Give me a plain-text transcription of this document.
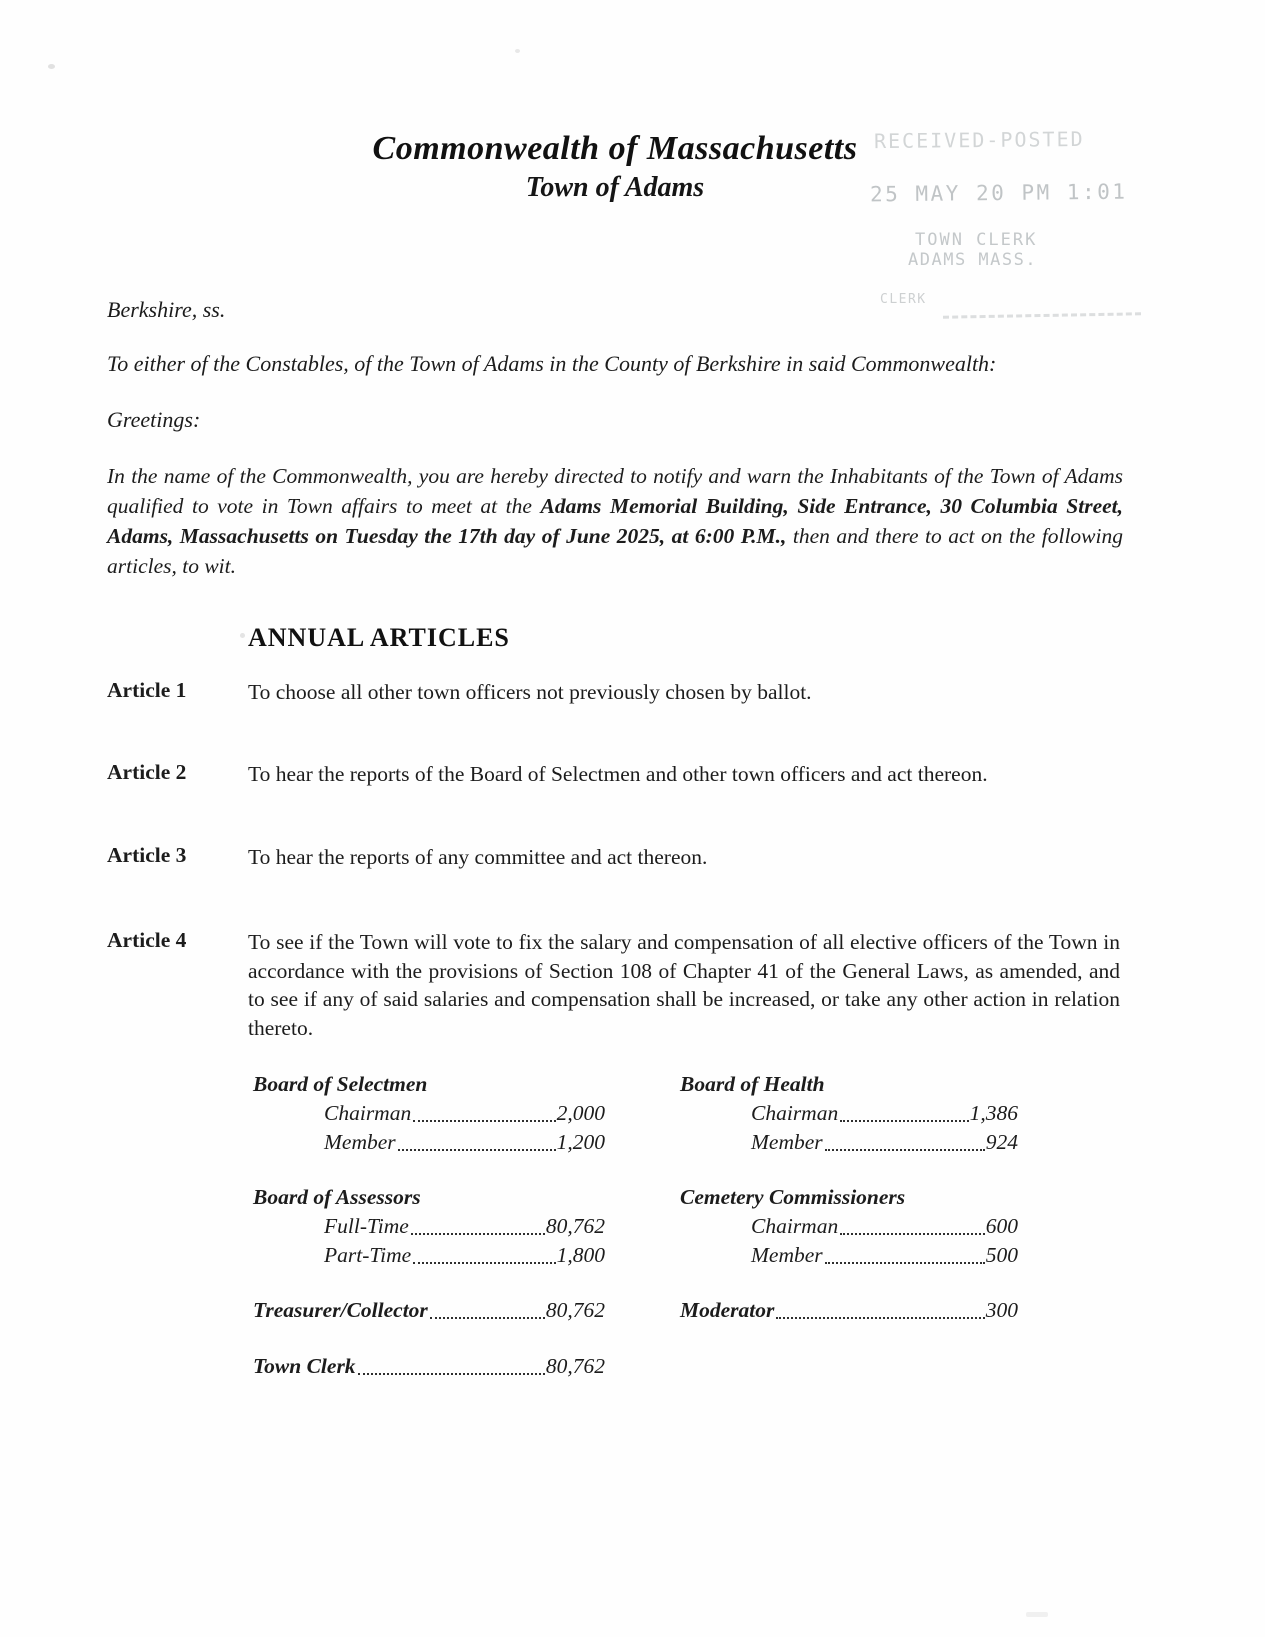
Commonwealth of Massachusetts
Town of Adams
RECEIVED-POSTED
25 MAY 20 PM 1:01
TOWN CLERK
ADAMS MASS.
CLERK
Berkshire, ss.
To either of the Constables, of the Town of Adams in the County of Berkshire in said Commonwealth:
Greetings:
In the name of the Commonwealth, you are hereby directed to notify and warn the Inhabitants of the Town of Adams qualified to vote in Town affairs to meet at the Adams Memorial Building, Side Entrance, 30 Columbia Street, Adams, Massachusetts on Tuesday the 17th day of June 2025, at 6:00 P.M., then and there to act on the following articles, to wit.
ANNUAL ARTICLES
Article 1	To choose all other town officers not previously chosen by ballot.
Article 2	To hear the reports of the Board of Selectmen and other town officers and act thereon.
Article 3	To hear the reports of any committee and act thereon.
Article 4	To see if the Town will vote to fix the salary and compensation of all elective officers of the Town in accordance with the provisions of Section 108 of Chapter 41 of the General Laws, as amended, and to see if any of said salaries and compensation shall be increased, or take any other action in relation thereto.
Board of Selectmen
Chairman	2,000
Member	1,200
Board of Assessors
Full-Time	80,762
Part-Time	1,800
Treasurer/Collector	80,762
Town Clerk	80,762
Board of Health
Chairman	1,386
Member	924
Cemetery Commissioners
Chairman	600
Member	500
Moderator	300
